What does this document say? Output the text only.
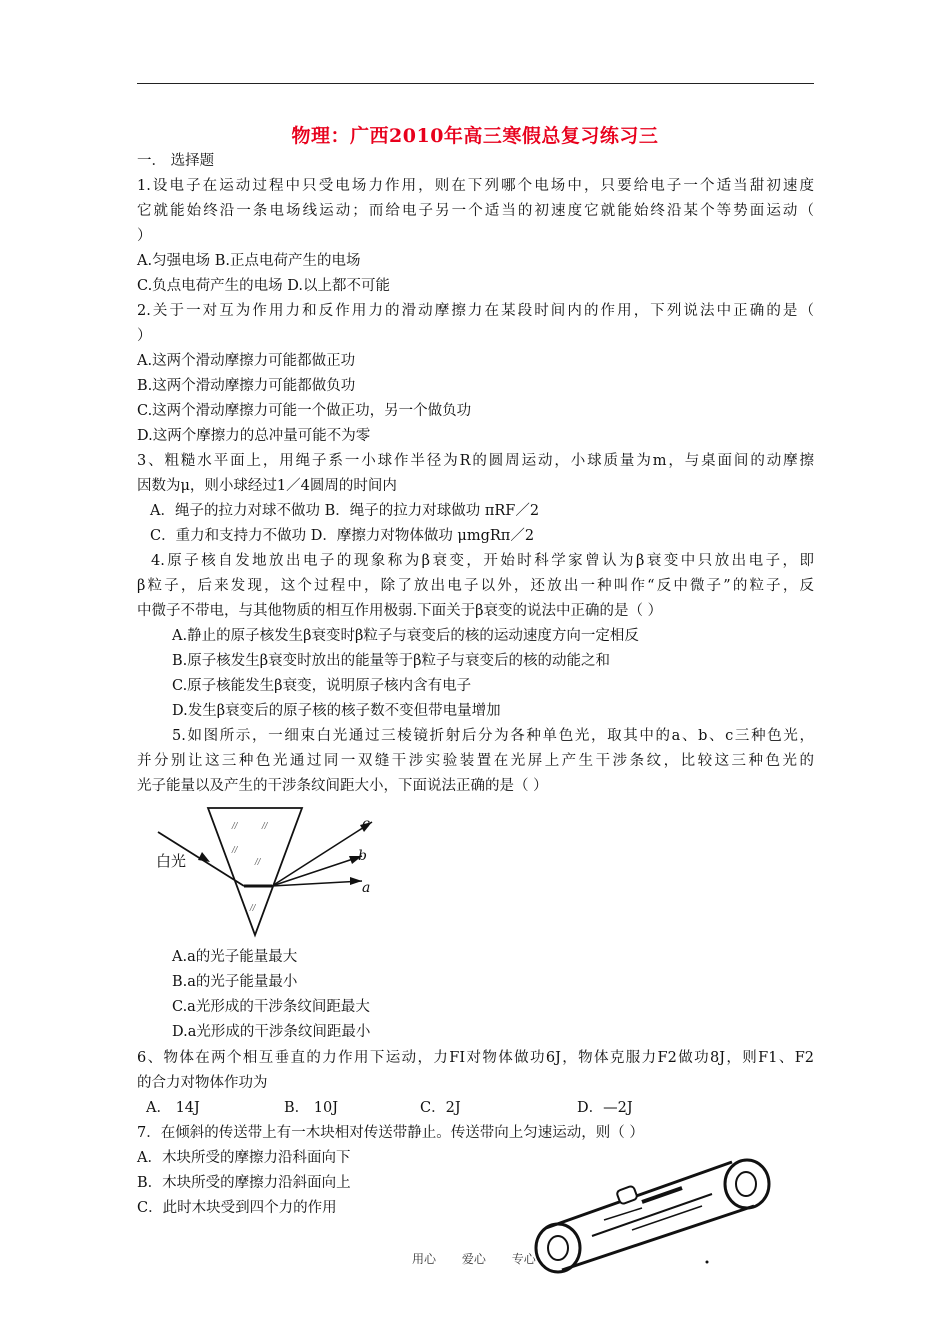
物理：广西2010年高三寒假总复习练习三
一． 选择题
1.设电子在运动过程中只受电场力作用，则在下列哪个电场中，只要给电子一个适当甜初速度
它就能始终沿一条电场线运动；而给电子另一个适当的初速度它就能始终沿某个等势面运动（
）
A.匀强电场 B.正点电荷产生的电场
C.负点电荷产生的电场 D.以上都不可能
2.关于一对互为作用力和反作用力的滑动摩擦力在某段时间内的作用，下列说法中正确的是（
）
A.这两个滑动摩擦力可能都做正功
B.这两个滑动摩擦力可能都做负功
C.这两个滑动摩擦力可能一个做正功，另一个做负功
D.这两个摩擦力的总冲量可能不为零
3、粗糙水平面上，用绳子系一小球作半径为R的圆周运动，小球质量为m，与桌面间的动摩擦
因数为μ，则小球经过1／4圆周的时间内
A．绳子的拉力对球不做功 B．绳子的拉力对球做功 πRF／2
C．重力和支持力不做功 D．摩擦力对物体做功 μmgRπ／2
4.原子核自发地放出电子的现象称为β衰变，开始时科学家曾认为β衰变中只放出电子，即
β粒子，后来发现，这个过程中，除了放出电子以外，还放出一种叫作“反中微子”的粒子，反
中微子不带电，与其他物质的相互作用极弱.下面关于β衰变的说法中正确的是（ ）
A.静止的原子核发生β衰变时β粒子与衰变后的核的运动速度方向一定相反
B.原子核发生β衰变时放出的能量等于β粒子与衰变后的核的动能之和
C.原子核能发生β衰变，说明原子核内含有电子
D.发生β衰变后的原子核的核子数不变但带电量增加
5.如图所示，一细束白光通过三棱镜折射后分为各种单色光，取其中的a、b、c三种色光，
并分别让这三种色光通过同一双缝干涉实验装置在光屏上产生干涉条纹，比较这三种色光的
光子能量以及产生的干涉条纹间距大小，下面说法正确的是（ ）
//	//
//
//
//
白光
c
b
a
A.a的光子能量最大
B.a的光子能量最小
C.a光形成的干涉条纹间距最大
D.a光形成的干涉条纹间距最小
6、物体在两个相互垂直的力作用下运动，力FI对物体做功6J，物体克服力F2做功8J，则F1、F2
的合力对物体作功为
A． 14J	B． 10J	C．2J	D．—2J
7．在倾斜的传送带上有一木块相对传送带静止。传送带向上匀速运动，则（ ）
A．木块所受的摩擦力沿科面向下
B．木块所受的摩擦力沿斜面向上
C．此时木块受到四个力的作用
用心 爱心 专心
